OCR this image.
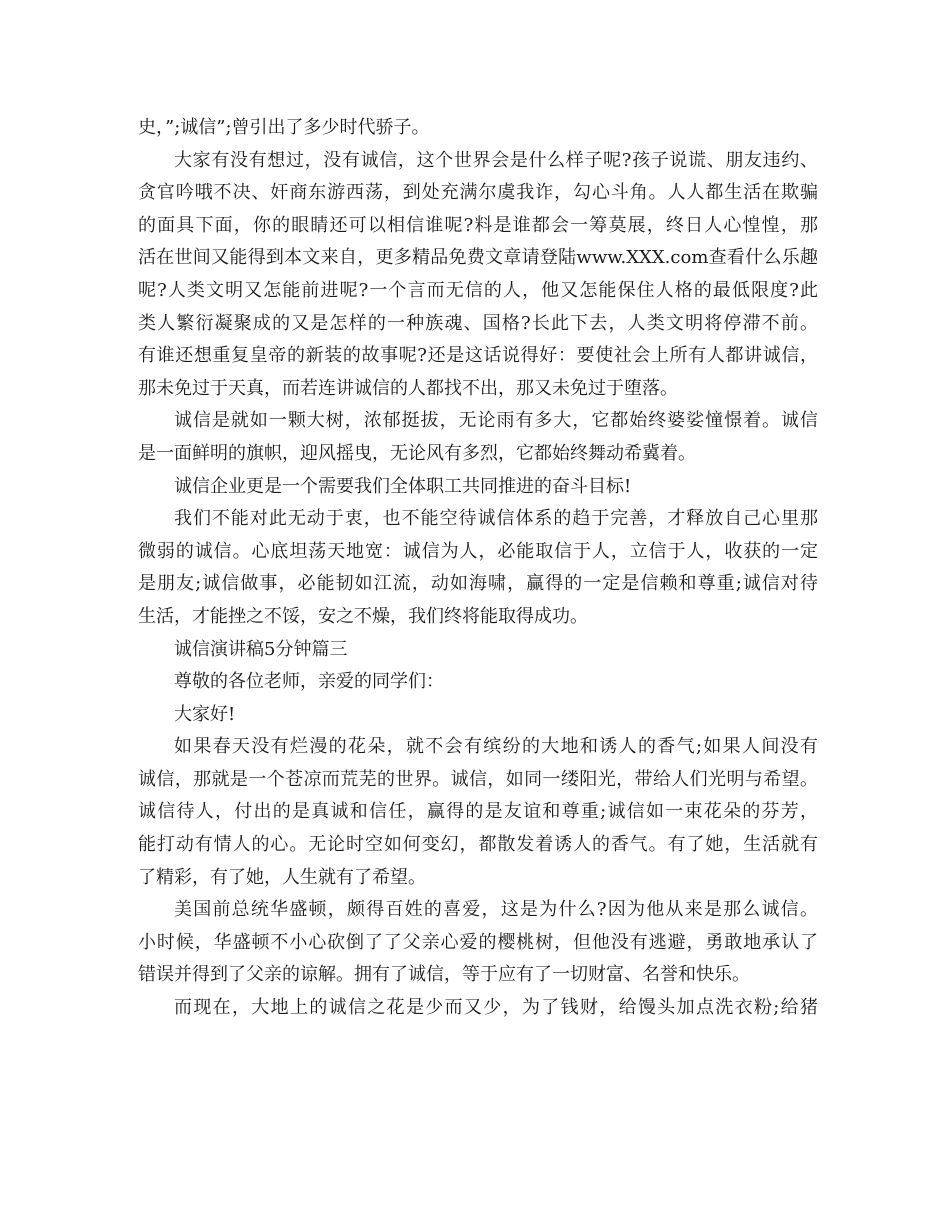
史，”;诚信”;曾引出了多少时代骄子。
大家有没有想过，没有诚信，这个世界会是什么样子呢?孩子说谎、朋友违约、
贪官吟哦不决、奸商东游西荡，到处充满尔虞我诈，勾心斗角。人人都生活在欺骗
的面具下面，你的眼睛还可以相信谁呢?料是谁都会一筹莫展，终日人心惶惶，那
活在世间又能得到本文来自，更多精品免费文章请登陆www.XXX.com查看什么乐趣
呢?人类文明又怎能前进呢?一个言而无信的人，他又怎能保住人格的最低限度?此
类人繁衍凝聚成的又是怎样的一种族魂、国格?长此下去，人类文明将停滞不前。
有谁还想重复皇帝的新装的故事呢?还是这话说得好：要使社会上所有人都讲诚信，
那未免过于天真，而若连讲诚信的人都找不出，那又未免过于堕落。
诚信是就如一颗大树，浓郁挺拔，无论雨有多大，它都始终婆娑憧憬着。诚信
是一面鲜明的旗帜，迎风摇曳，无论风有多烈，它都始终舞动希冀着。
诚信企业更是一个需要我们全体职工共同推进的奋斗目标!
我们不能对此无动于衷，也不能空待诚信体系的趋于完善，才释放自己心里那
微弱的诚信。心底坦荡天地宽：诚信为人，必能取信于人，立信于人，收获的一定
是朋友;诚信做事，必能韧如江流，动如海啸，赢得的一定是信赖和尊重;诚信对待
生活，才能挫之不馁，安之不燥，我们终将能取得成功。
诚信演讲稿5分钟篇三
尊敬的各位老师，亲爱的同学们：
大家好!
如果春天没有烂漫的花朵，就不会有缤纷的大地和诱人的香气;如果人间没有
诚信，那就是一个苍凉而荒芜的世界。诚信，如同一缕阳光，带给人们光明与希望。
诚信待人，付出的是真诚和信任，赢得的是友谊和尊重;诚信如一束花朵的芬芳，
能打动有情人的心。无论时空如何变幻，都散发着诱人的香气。有了她，生活就有
了精彩，有了她，人生就有了希望。
美国前总统华盛顿，颇得百姓的喜爱，这是为什么?因为他从来是那么诚信。
小时候，华盛顿不小心砍倒了了父亲心爱的樱桃树，但他没有逃避，勇敢地承认了
错误并得到了父亲的谅解。拥有了诚信，等于应有了一切财富、名誉和快乐。
而现在，大地上的诚信之花是少而又少，为了钱财，给馒头加点洗衣粉;给猪
